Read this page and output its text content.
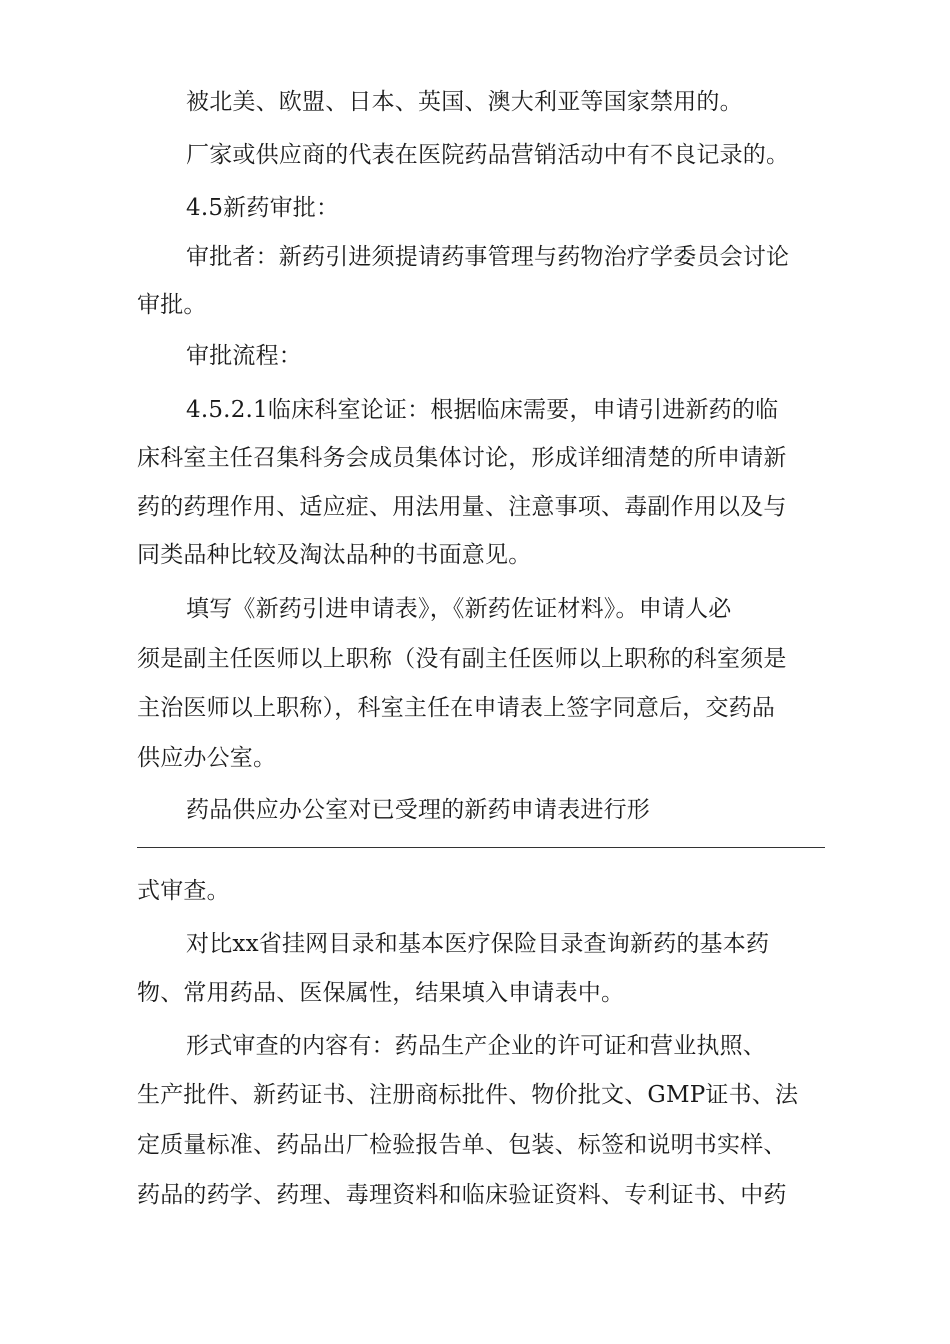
被北美、欧盟、日本、英国、澳大利亚等国家禁用的。
厂家或供应商的代表在医院药品营销活动中有不良记录的。
4.5新药审批：
审批者：新药引进须提请药事管理与药物治疗学委员会讨论
审批。
审批流程：
4.5.2.1临床科室论证：根据临床需要，申请引进新药的临
床科室主任召集科务会成员集体讨论，形成详细清楚的所申请新
药的药理作用、适应症、用法用量、注意事项、毒副作用以及与
同类品种比较及淘汰品种的书面意见。
填写《新药引进申请表》，《新药佐证材料》。申请人必
须是副主任医师以上职称（没有副主任医师以上职称的科室须是
主治医师以上职称），科室主任在申请表上签字同意后，交药品
供应办公室。
药品供应办公室对已受理的新药申请表进行形
式审查。
对比xx省挂网目录和基本医疗保险目录查询新药的基本药
物、常用药品、医保属性，结果填入申请表中。
形式审查的内容有：药品生产企业的许可证和营业执照、
生产批件、新药证书、注册商标批件、物价批文、GMP证书、法
定质量标准、药品出厂检验报告单、包装、标签和说明书实样、
药品的药学、药理、毒理资料和临床验证资料、专利证书、中药
